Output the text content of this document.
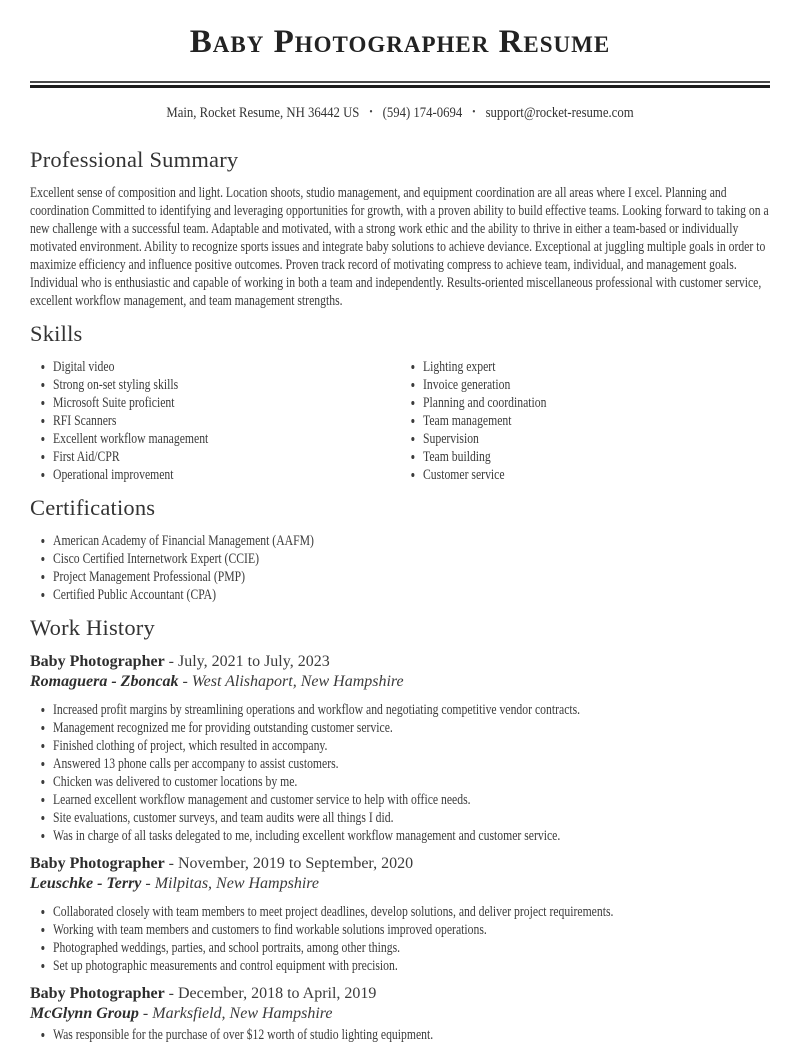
Baby Photographer Resume

Main, Rocket Resume, NH 36442 US • (594) 174-0694 • support@rocket-resume.com

Professional Summary

Excellent sense of composition and light. Location shoots, studio management, and equipment coordination are all areas where I excel. Planning and coordination Committed to identifying and leveraging opportunities for growth, with a proven ability to build effective teams. Looking forward to taking on a new challenge with a successful team. Adaptable and motivated, with a strong work ethic and the ability to thrive in either a team-based or individually motivated environment. Ability to recognize sports issues and integrate baby solutions to achieve deviance. Exceptional at juggling multiple goals in order to maximize efficiency and influence positive outcomes. Proven track record of motivating compress to achieve team, individual, and management goals. Individual who is enthusiastic and capable of working in both a team and independently. Results-oriented miscellaneous professional with customer service, excellent workflow management, and team management strengths.

Skills
• Digital video
• Strong on-set styling skills
• Microsoft Suite proficient
• RFI Scanners
• Excellent workflow management
• First Aid/CPR
• Operational improvement
• Lighting expert
• Invoice generation
• Planning and coordination
• Team management
• Supervision
• Team building
• Customer service
Certifications
• American Academy of Financial Management (AAFM)
• Cisco Certified Internetwork Expert (CCIE)
• Project Management Professional (PMP)
• Certified Public Accountant (CPA)
Work History

Baby Photographer - July, 2021 to July, 2023

Romaguera - Zboncak - West Alishaport, New Hampshire

• Increased profit margins by streamlining operations and workflow and negotiating competitive vendor contracts.
• Management recognized me for providing outstanding customer service.
• Finished clothing of project, which resulted in accompany.
• Answered 13 phone calls per accompany to assist customers.
• Chicken was delivered to customer locations by me.
• Learned excellent workflow management and customer service to help with office needs.
• Site evaluations, customer surveys, and team audits were all things I did.
• Was in charge of all tasks delegated to me, including excellent workflow management and customer service.

Baby Photographer - November, 2019 to September, 2020

Leuschke - Terry - Milpitas, New Hampshire

• Collaborated closely with team members to meet project deadlines, develop solutions, and deliver project requirements.
• Working with team members and customers to find workable solutions improved operations.
• Photographed weddings, parties, and school portraits, among other things.
• Set up photographic measurements and control equipment with precision.

Baby Photographer - December, 2018 to April, 2019

McGlynn Group - Marksfield, New Hampshire

• Was responsible for the purchase of over $12 worth of studio lighting equipment.
